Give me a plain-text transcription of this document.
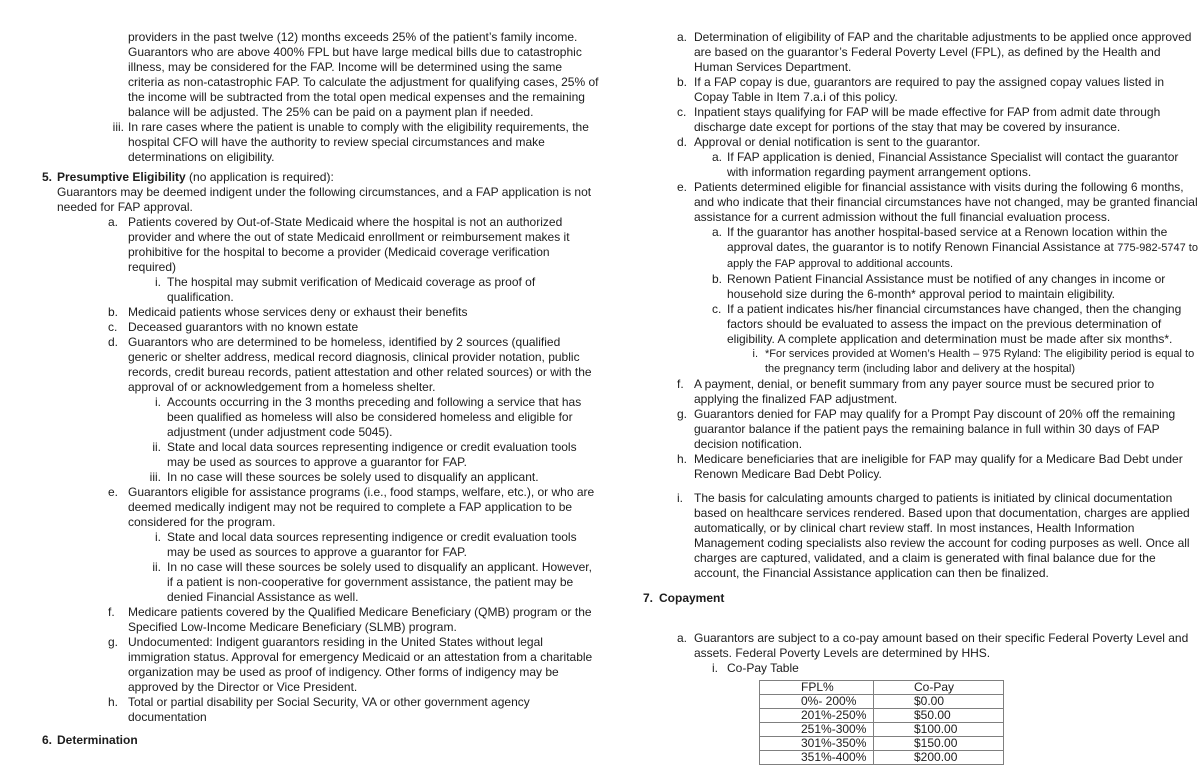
providers in the past twelve (12) months exceeds 25% of the patient’s family income. Guarantors who are above 400% FPL but have large medical bills due to catastrophic illness, may be considered for the FAP. Income will be determined using the same criteria as non-catastrophic FAP. To calculate the adjustment for qualifying cases, 25% of the income will be subtracted from the total open medical expenses and the remaining balance will be adjusted. The 25% can be paid on a payment plan if needed.
iii. In rare cases where the patient is unable to comply with the eligibility requirements, the hospital CFO will have the authority to review special circumstances and make determinations on eligibility.
5. Presumptive Eligibility (no application is required):
Guarantors may be deemed indigent under the following circumstances, and a FAP application is not needed for FAP approval.
a. Patients covered by Out-of-State Medicaid where the hospital is not an authorized provider and where the out of state Medicaid enrollment or reimbursement makes it prohibitive for the hospital to become a provider (Medicaid coverage verification required)
i. The hospital may submit verification of Medicaid coverage as proof of qualification.
b. Medicaid patients whose services deny or exhaust their benefits
c. Deceased guarantors with no known estate
d. Guarantors who are determined to be homeless, identified by 2 sources (qualified generic or shelter address, medical record diagnosis, clinical provider notation, public records, credit bureau records, patient attestation and other related sources) or with the approval of or acknowledgement from a homeless shelter.
i. Accounts occurring in the 3 months preceding and following a service that has been qualified as homeless will also be considered homeless and eligible for adjustment (under adjustment code 5045).
ii. State and local data sources representing indigence or credit evaluation tools may be used as sources to approve a guarantor for FAP.
iii. In no case will these sources be solely used to disqualify an applicant.
e. Guarantors eligible for assistance programs (i.e., food stamps, welfare, etc.), or who are deemed medically indigent may not be required to complete a FAP application to be considered for the program.
i. State and local data sources representing indigence or credit evaluation tools may be used as sources to approve a guarantor for FAP.
ii. In no case will these sources be solely used to disqualify an applicant. However, if a patient is non-cooperative for government assistance, the patient may be denied Financial Assistance as well.
f.	Medicare patients covered by the Qualified Medicare Beneficiary (QMB) program or the Specified Low-Income Medicare Beneficiary (SLMB) program.
g. Undocumented: Indigent guarantors residing in the United States without legal immigration status. Approval for emergency Medicaid or an attestation from a charitable organization may be used as proof of indigency. Other forms of indigency may be approved by the Director or Vice President.
h. Total or partial disability per Social Security, VA or other government agency documentation
6. Determination
a. Determination of eligibility of FAP and the charitable adjustments to be applied once approved are based on the guarantor’s Federal Poverty Level (FPL), as defined by the Health and Human Services Department.
b. If a FAP copay is due, guarantors are required to pay the assigned copay values listed in Copay Table in Item 7.a.i of this policy.
c. Inpatient stays qualifying for FAP will be made effective for FAP from admit date through discharge date except for portions of the stay that may be covered by insurance.
d. Approval or denial notification is sent to the guarantor.
a. If FAP application is denied, Financial Assistance Specialist will contact the guarantor with information regarding payment arrangement options.
e. Patients determined eligible for financial assistance with visits during the following 6 months, and who indicate that their financial circumstances have not changed, may be granted financial assistance for a current admission without the full financial evaluation process.
a. If the guarantor has another hospital-based service at a Renown location within the approval dates, the guarantor is to notify Renown Financial Assistance at 775-982-5747 to apply the FAP approval to additional accounts.
b. Renown Patient Financial Assistance must be notified of any changes in income or household size during the 6-month* approval period to maintain eligibility.
c. If a patient indicates his/her financial circumstances have changed, then the changing factors should be evaluated to assess the impact on the previous determination of eligibility. A complete application and determination must be made after six months*.
i. *For services provided at Women’s Health – 975 Ryland: The eligibility period is equal to the pregnancy term (including labor and delivery at the hospital)
f. A payment, denial, or benefit summary from any payer source must be secured prior to applying the finalized FAP adjustment.
g. Guarantors denied for FAP may qualify for a Prompt Pay discount of 20% off the remaining guarantor balance if the patient pays the remaining balance in full within 30 days of FAP decision notification.
h. Medicare beneficiaries that are ineligible for FAP may qualify for a Medicare Bad Debt under Renown Medicare Bad Debt Policy.
i. The basis for calculating amounts charged to patients is initiated by clinical documentation based on healthcare services rendered. Based upon that documentation, charges are applied automatically, or by clinical chart review staff. In most instances, Health Information Management coding specialists also review the account for coding purposes as well. Once all charges are captured, validated, and a claim is generated with final balance due for the account, the Financial Assistance application can then be finalized.
7. Copayment
a. Guarantors are subject to a co-pay amount based on their specific Federal Poverty Level and assets. Federal Poverty Levels are determined by HHS.
i. Co-Pay Table
FPL%	Co-Pay
0%- 200%	$0.00
201%-250%	$50.00
251%-300%	$100.00
301%-350%	$150.00
351%-400%	$200.00
